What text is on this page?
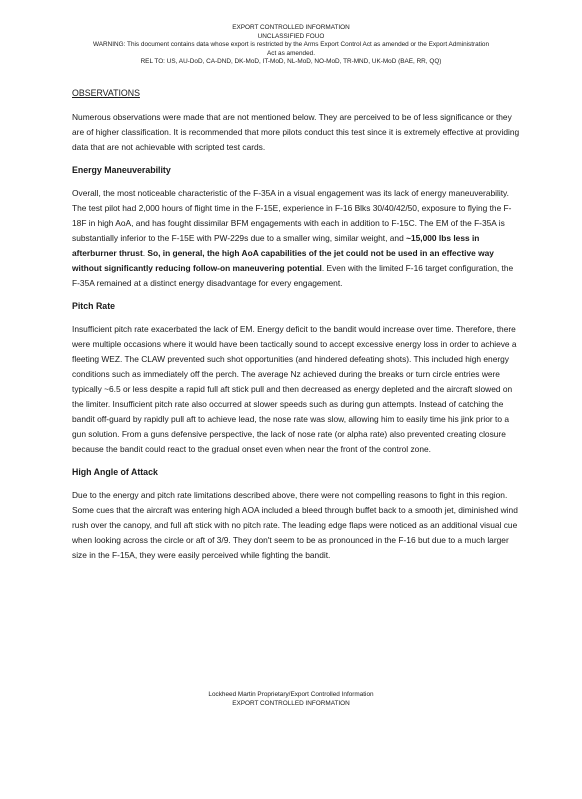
EXPORT CONTROLLED INFORMATION
UNCLASSIFIED FOUO
WARNING: This document contains data whose export is restricted by the Arms Export Control Act as amended or the Export Administration
Act as amended.
REL TO: US, AU-DoD, CA-DND, DK-MoD, IT-MoD, NL-MoD, NO-MoD, TR-MND, UK-MoD (BAE, RR, QQ)
OBSERVATIONS

Numerous observations were made that are not mentioned below. They are perceived to be of less significance or they are of higher classification. It is recommended that more pilots conduct this test since it is extremely effective at providing data that are not achievable with scripted test cards.

Energy Maneuverability

Overall, the most noticeable characteristic of the F-35A in a visual engagement was its lack of energy maneuverability. The test pilot had 2,000 hours of flight time in the F-15E, experience in F-16 Blks 30/40/42/50, exposure to flying the F-18F in high AoA, and has fought dissimilar BFM engagements with each in addition to F-15C. The EM of the F-35A is substantially inferior to the F-15E with PW-229s due to a smaller wing, similar weight, and ~15,000 lbs less in afterburner thrust. So, in general, the high AoA capabilities of the jet could not be used in an effective way without significantly reducing follow-on maneuvering potential. Even with the limited F-16 target configuration, the F-35A remained at a distinct energy disadvantage for every engagement.

Pitch Rate

Insufficient pitch rate exacerbated the lack of EM. Energy deficit to the bandit would increase over time. Therefore, there were multiple occasions where it would have been tactically sound to accept excessive energy loss in order to achieve a fleeting WEZ. The CLAW prevented such shot opportunities (and hindered defeating shots). This included high energy conditions such as immediately off the perch. The average Nz achieved during the breaks or turn circle entries were typically ~6.5 or less despite a rapid full aft stick pull and then decreased as energy depleted and the aircraft slowed on the limiter. Insufficient pitch rate also occurred at slower speeds such as during gun attempts. Instead of catching the bandit off-guard by rapidly pull aft to achieve lead, the nose rate was slow, allowing him to easily time his jink prior to a gun solution. From a guns defensive perspective, the lack of nose rate (or alpha rate) also prevented creating closure because the bandit could react to the gradual onset even when near the front of the control zone.

High Angle of Attack

Due to the energy and pitch rate limitations described above, there were not compelling reasons to fight in this region. Some cues that the aircraft was entering high AOA included a bleed through buffet back to a smooth jet, diminished wind rush over the canopy, and full aft stick with no pitch rate. The leading edge flaps were noticed as an additional visual cue when looking across the circle or aft of 3/9. They don't seem to be as pronounced in the F-16 but due to a much larger size in the F-15A, they were easily perceived while fighting the bandit.

Lockheed Martin Proprietary/Export Controlled Information
EXPORT CONTROLLED INFORMATION
